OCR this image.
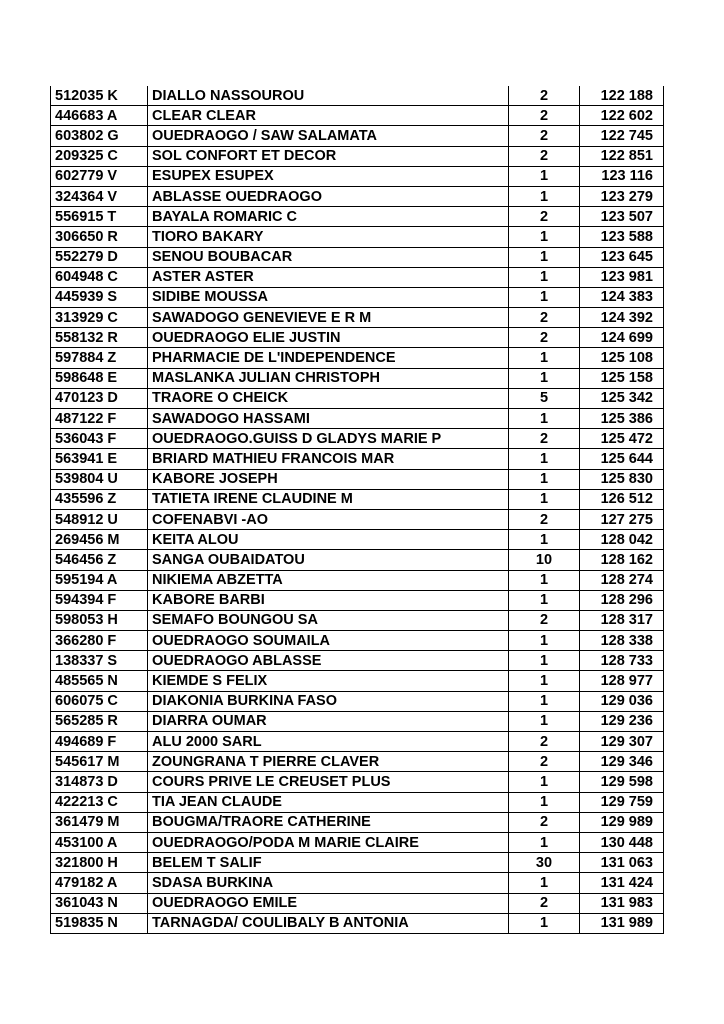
512035 K	DIALLO NASSOUROU	2	122 188
446683 A	CLEAR CLEAR	2	122 602
603802 G	OUEDRAOGO / SAW SALAMATA	2	122 745
209325 C	SOL CONFORT ET DECOR	2	122 851
602779 V	ESUPEX ESUPEX	1	123 116
324364 V	ABLASSE OUEDRAOGO	1	123 279
556915 T	BAYALA ROMARIC C	2	123 507
306650 R	TIORO BAKARY	1	123 588
552279 D	SENOU BOUBACAR	1	123 645
604948 C	ASTER ASTER	1	123 981
445939 S	SIDIBE MOUSSA	1	124 383
313929 C	SAWADOGO GENEVIEVE E R M	2	124 392
558132 R	OUEDRAOGO ELIE JUSTIN	2	124 699
597884 Z	PHARMACIE DE L'INDEPENDENCE	1	125 108
598648 E	MASLANKA JULIAN CHRISTOPH	1	125 158
470123 D	TRAORE O CHEICK	5	125 342
487122 F	SAWADOGO HASSAMI	1	125 386
536043 F	OUEDRAOGO.GUISS D GLADYS MARIE P	2	125 472
563941 E	BRIARD MATHIEU FRANCOIS MAR	1	125 644
539804 U	KABORE JOSEPH	1	125 830
435596 Z	TATIETA IRENE CLAUDINE M	1	126 512
548912 U	COFENABVI -AO	2	127 275
269456 M	KEITA ALOU	1	128 042
546456 Z	SANGA OUBAIDATOU	10	128 162
595194 A	NIKIEMA ABZETTA	1	128 274
594394 F	KABORE BARBI	1	128 296
598053 H	SEMAFO BOUNGOU SA	2	128 317
366280 F	OUEDRAOGO SOUMAILA	1	128 338
138337 S	OUEDRAOGO ABLASSE	1	128 733
485565 N	KIEMDE S FELIX	1	128 977
606075 C	DIAKONIA BURKINA FASO	1	129 036
565285 R	DIARRA OUMAR	1	129 236
494689 F	ALU 2000 SARL	2	129 307
545617 M	ZOUNGRANA T PIERRE CLAVER	2	129 346
314873 D	COURS PRIVE LE CREUSET PLUS	1	129 598
422213 C	TIA JEAN CLAUDE	1	129 759
361479 M	BOUGMA/TRAORE CATHERINE	2	129 989
453100 A	OUEDRAOGO/PODA M MARIE CLAIRE	1	130 448
321800 H	BELEM T SALIF	30	131 063
479182 A	SDASA BURKINA	1	131 424
361043 N	OUEDRAOGO EMILE	2	131 983
519835 N	TARNAGDA/ COULIBALY B ANTONIA	1	131 989
